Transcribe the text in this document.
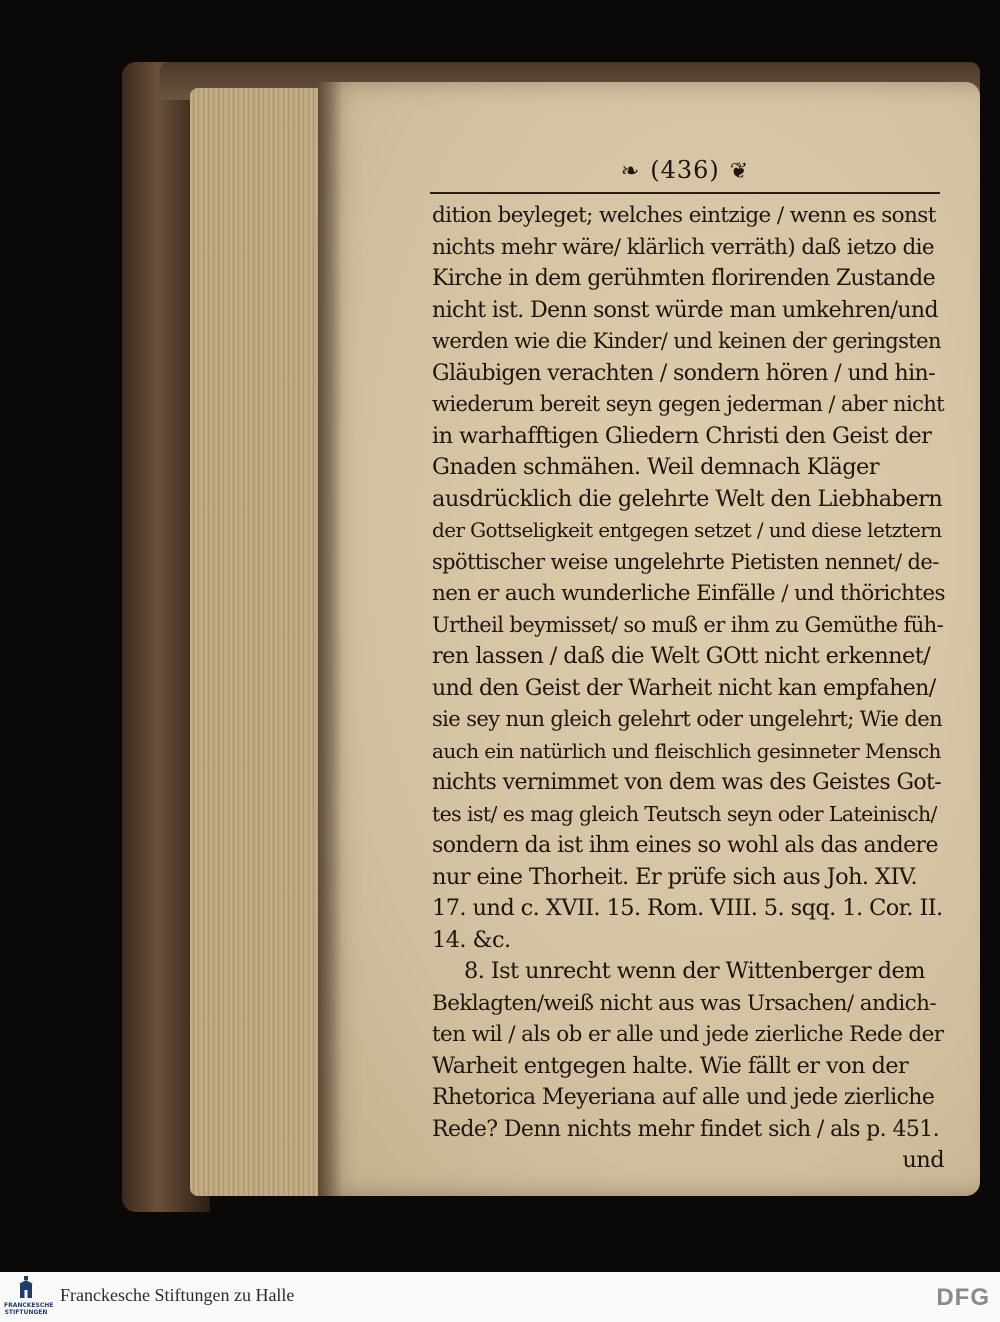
❧ (436) ❦
dition beyleget; welches eintzige / wenn es sonst
nichts mehr wäre/ klärlich verräth) daß ietzo die
Kirche in dem gerühmten florirenden Zustande
nicht ist. Denn sonst würde man umkehren/und
werden wie die Kinder/ und keinen der geringsten
Gläubigen verachten / sondern hören / und hin-
wiederum bereit seyn gegen jederman / aber nicht
in warhafftigen Gliedern Christi den Geist der
Gnaden schmähen. Weil demnach Kläger
ausdrücklich die gelehrte Welt den Liebhabern
der Gottseligkeit entgegen setzet / und diese letztern
spöttischer weise ungelehrte Pietisten nennet/ de-
nen er auch wunderliche Einfälle / und thörichtes
Urtheil beymisset/ so muß er ihm zu Gemüthe füh-
ren lassen / daß die Welt GOtt nicht erkennet/
und den Geist der Warheit nicht kan empfahen/
sie sey nun gleich gelehrt oder ungelehrt; Wie den
auch ein natürlich und fleischlich gesinneter Mensch
nichts vernimmet von dem was des Geistes Got-
tes ist/ es mag gleich Teutsch seyn oder Lateinisch/
sondern da ist ihm eines so wohl als das andere
nur eine Thorheit. Er prüfe sich aus Joh. XIV.
17. und c. XVII. 15. Rom. VIII. 5. sqq. 1. Cor. II.
14. &c.
8. Ist unrecht wenn der Wittenberger dem
Beklagten/weiß nicht aus was Ursachen/ andich-
ten wil / als ob er alle und jede zierliche Rede der
Warheit entgegen halte. Wie fällt er von der
Rhetorica Meyeriana auf alle und jede zierliche
Rede? Denn nichts mehr findet sich / als p. 451.
und
FRANCKESCHE STIFTUNGEN
Franckesche Stiftungen zu Halle	DFG
